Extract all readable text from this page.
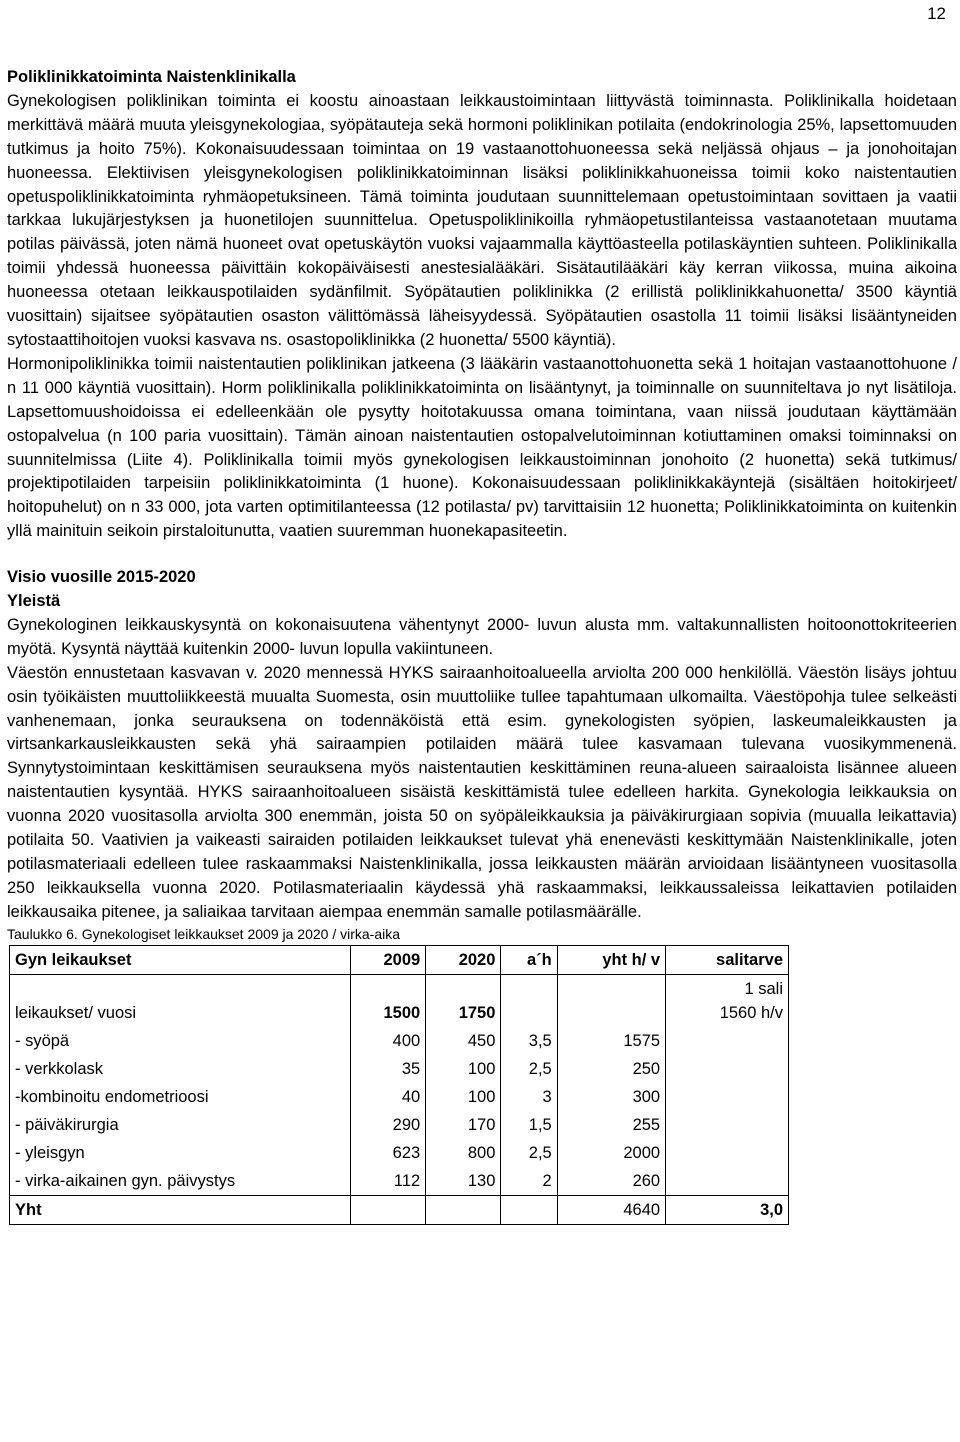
12

Poliklinikkatoiminta Naistenklinikalla

Gynekologisen poliklinikan toiminta ei koostu ainoastaan leikkaustoimintaan liittyvästä toiminnasta. Poliklinikalla hoidetaan merkittävä määrä muuta yleisgynekologiaa, syöpätauteja sekä hormoni poliklinikan potilaita (endokrinologia 25%, lapsettomuuden tutkimus ja hoito 75%). Kokonaisuudessaan toimintaa on 19 vastaanottohuoneessa sekä neljässä ohjaus – ja jonohoitajan huoneessa. Elektiivisen yleisgynekologisen poliklinikkatoiminnan lisäksi poliklinikkahuoneissa toimii koko naistentautien opetuspoliklinikkatoiminta ryhmäopetuksineen. Tämä toiminta joudutaan suunnittelemaan opetustoimintaan sovittaen ja vaatii tarkkaa lukujärjestyksen ja huonetilojen suunnittelua. Opetuspoliklinikoilla ryhmäopetustilanteissa vastaanotetaan muutama potilas päivässä, joten nämä huoneet ovat opetuskäytön vuoksi vajaammalla käyttöasteella potilaskäyntien suhteen. Poliklinikalla toimii yhdessä huoneessa päivittäin kokopäiväisesti anestesialääkäri. Sisätautilääkäri käy kerran viikossa, muina aikoina huoneessa otetaan leikkauspotilaiden sydänfilmit. Syöpätautien poliklinikka (2 erillistä poliklinikkahuonetta/ 3500 käyntiä vuosittain) sijaitsee syöpätautien osaston välittömässä läheisyydessä. Syöpätautien osastolla 11 toimii lisäksi lisääntyneiden sytostaattihoitojen vuoksi kasvava ns. osastopoliklinikka (2 huonetta/ 5500 käyntiä).

Hormonipoliklinikka toimii naistentautien poliklinikan jatkeena (3 lääkärin vastaanottohuonetta sekä 1 hoitajan vastaanottohuone / n 11 000 käyntiä vuosittain). Horm poliklinikalla poliklinikkatoiminta on lisääntynyt, ja toiminnalle on suunniteltava jo nyt lisätiloja. Lapsettomuushoidoissa ei edelleenkään ole pysytty hoitotakuussa omana toimintana, vaan niissä joudutaan käyttämään ostopalvelua (n 100 paria vuosittain). Tämän ainoan naistentautien ostopalvelutoiminnan kotiuttaminen omaksi toiminnaksi on suunnitelmissa (Liite 4). Poliklinikalla toimii myös gynekologisen leikkaustoiminnan jonohoito (2 huonetta) sekä tutkimus/ projektipotilaiden tarpeisiin poliklinikkatoiminta (1 huone). Kokonaisuudessaan poliklinikkakäyntejä (sisältäen hoitokirjeet/ hoitopuhelut) on n 33 000, jota varten optimitilanteessa (12 potilasta/ pv) tarvittaisiin 12 huonetta; Poliklinikkatoiminta on kuitenkin yllä mainituin seikoin pirstaloitunutta, vaatien suuremman huonekapasiteetin.

Visio vuosille 2015-2020

Yleistä

Gynekologinen leikkauskysyntä on kokonaisuutena vähentynyt 2000- luvun alusta mm. valtakunnallisten hoitoonottokriteerien myötä. Kysyntä näyttää kuitenkin 2000- luvun lopulla vakiintuneen.

Väestön ennustetaan kasvavan v. 2020 mennessä HYKS sairaanhoitoalueella arviolta 200 000 henkilöllä. Väestön lisäys johtuu osin työikäisten muuttoliikkeestä muualta Suomesta, osin muuttoliike tullee tapahtumaan ulkomailta. Väestöpohja tulee selkeästi vanhenemaan, jonka seurauksena on todennäköistä että esim. gynekologisten syöpien, laskeumaleikkausten ja virtsankarkausleikkausten sekä yhä sairaampien potilaiden määrä tulee kasvamaan tulevana vuosikymmenenä. Synnytystoimintaan keskittämisen seurauksena myös naistentautien keskittäminen reuna-alueen sairaaloista lisännee alueen naistentautien kysyntää. HYKS sairaanhoitoalueen sisäistä keskittämistä tulee edelleen harkita. Gynekologia leikkauksia on vuonna 2020 vuositasolla arviolta 300 enemmän, joista 50 on syöpäleikkauksia ja päiväkirurgiaan sopivia (muualla leikattavia) potilaita 50. Vaativien ja vaikeasti sairaiden potilaiden leikkaukset tulevat yhä enenevästi keskittymään Naistenklinikalle, joten potilasmateriaali edelleen tulee raskaammaksi Naistenklinikalla, jossa leikkausten määrän arvioidaan lisääntyneen vuositasolla 250 leikkauksella vuonna 2020. Potilasmateriaalin käydessä yhä raskaammaksi, leikkaussaleissa leikattavien potilaiden leikkausaika pitenee, ja saliaikaa tarvitaan aiempaa enemmän samalle potilasmäärälle.

Taulukko 6. Gynekologiset leikkaukset 2009 ja 2020 / virka-aika

Gyn leikaukset	2009	2020	a´h	yht h/ v	salitarve
leikaukset/ vuosi	1500	1750			1 sali
1560 h/v

- syöpä	400	450	3,5	1575	
- verkkolask	35	100	2,5	250	
-kombinoitu endometrioosi	40	100	3	300	
- päiväkirurgia	290	170	1,5	255	
- yleisgyn	623	800	2,5	2000	
- virka-aikainen gyn. päivystys	112	130	2	260	
Yht				4640	3,0
